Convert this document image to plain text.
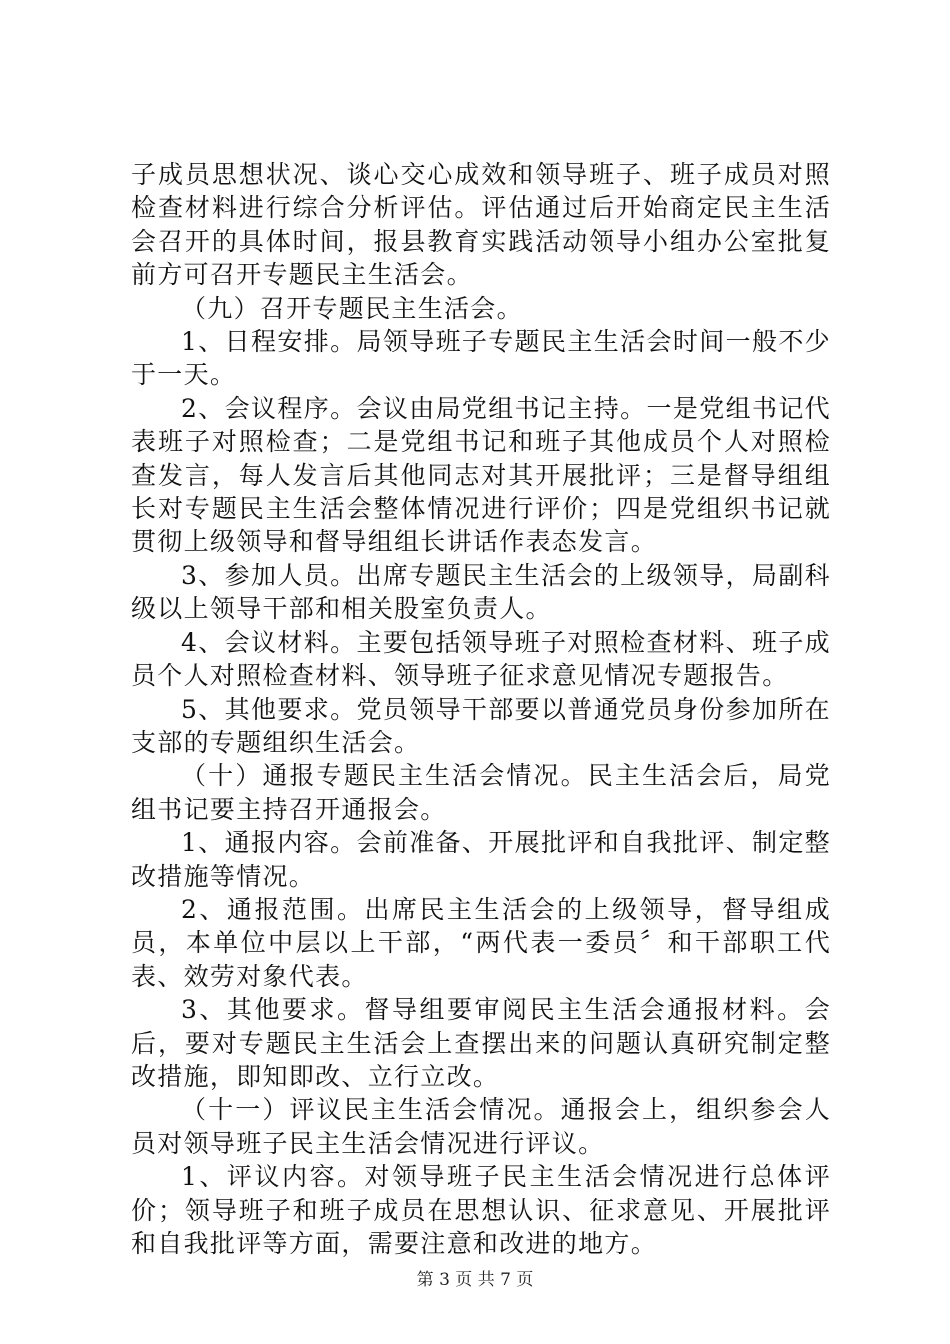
子成员思想状况、谈心交心成效和领导班子、班子成员对照检查材料进行综合分析评估。评估通过后开始商定民主生活会召开的具体时间，报县教育实践活动领导小组办公室批复前方可召开专题民主生活会。

（九）召开专题民主生活会。

1、日程安排。局领导班子专题民主生活会时间一般不少于一天。

2、会议程序。会议由局党组书记主持。一是党组书记代表班子对照检查；二是党组书记和班子其他成员个人对照检查发言，每人发言后其他同志对其开展批评；三是督导组组长对专题民主生活会整体情况进行评价；四是党组织书记就贯彻上级领导和督导组组长讲话作表态发言。

3、参加人员。出席专题民主生活会的上级领导，局副科级以上领导干部和相关股室负责人。

4、会议材料。主要包括领导班子对照检查材料、班子成员个人对照检查材料、领导班子征求意见情况专题报告。

5、其他要求。党员领导干部要以普通党员身份参加所在支部的专题组织生活会。

（十）通报专题民主生活会情况。民主生活会后，局党组书记要主持召开通报会。

1、通报内容。会前准备、开展批评和自我批评、制定整改措施等情况。

2、通报范围。出席民主生活会的上级领导，督导组成员，本单位中层以上干部，“两代表一委员〞和干部职工代表、效劳对象代表。

3、其他要求。督导组要审阅民主生活会通报材料。会后，要对专题民主生活会上查摆出来的问题认真研究制定整改措施，即知即改、立行立改。

（十一）评议民主生活会情况。通报会上，组织参会人员对领导班子民主生活会情况进行评议。

1、评议内容。对领导班子民主生活会情况进行总体评价；领导班子和班子成员在思想认识、征求意见、开展批评和自我批评等方面，需要注意和改进的地方。

第 3 页 共 7 页
